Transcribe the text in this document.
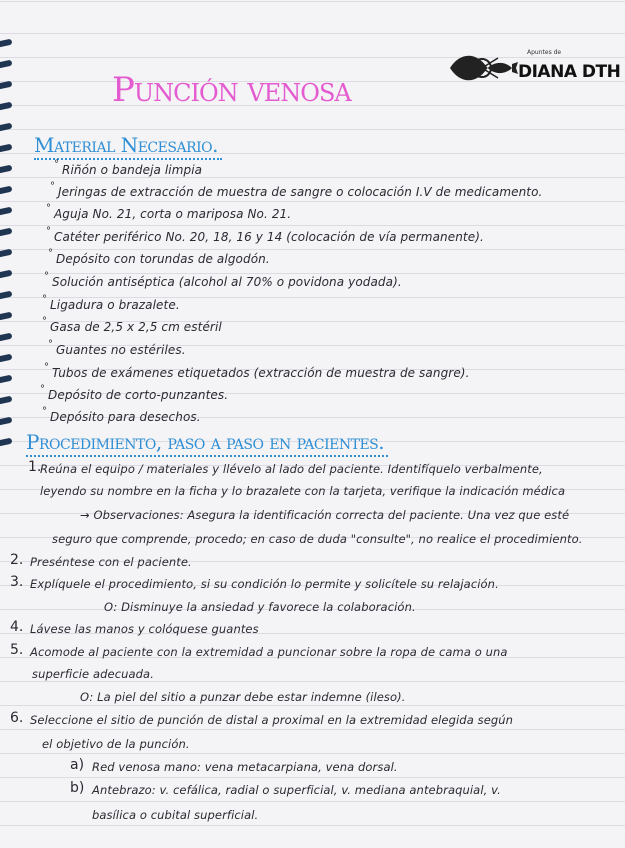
Apuntes de
DIANA DTH
Punción venosa
Material Necesario.
° Riñón o bandeja limpia
° Jeringas de extracción de muestra de sangre o colocación I.V de medicamento.
° Aguja No. 21, corta o mariposa No. 21.
° Catéter periférico No. 20, 18, 16 y 14 (colocación de vía permanente).
° Depósito con torundas de algodón.
° Solución antiséptica (alcohol al 70% o povidona yodada).
° Ligadura o brazalete.
° Gasa de 2,5 x 2,5 cm estéril
° Guantes no estériles.
° Tubos de exámenes etiquetados (extracción de muestra de sangre).
° Depósito de corto-punzantes.
° Depósito para desechos.
Procedimiento, paso a paso en pacientes.
1.
Reúna el equipo / materiales y llévelo al lado del paciente. Identifíquelo verbalmente,
leyendo su nombre en la ficha y lo brazalete con la tarjeta, verifique la indicación médica
→ Observaciones: Asegura la identificación correcta del paciente. Una vez que esté
seguro que comprende, procedo; en caso de duda "consulte", no realice el procedimiento.
2. Preséntese con el paciente.
3. Explíquele el procedimiento, si su condición lo permite y solicítele su relajación.
O: Disminuye la ansiedad y favorece la colaboración.
4. Lávese las manos y colóquese guantes
5. Acomode al paciente con la extremidad a puncionar sobre la ropa de cama o una
superficie adecuada.
O: La piel del sitio a punzar debe estar indemne (ileso).
6. Seleccione el sitio de punción de distal a proximal en la extremidad elegida según
el objetivo de la punción.
a) Red venosa mano: vena metacarpiana, vena dorsal.
b) Antebrazo: v. cefálica, radial o superficial, v. mediana antebraquial, v.
basílica o cubital superficial.
